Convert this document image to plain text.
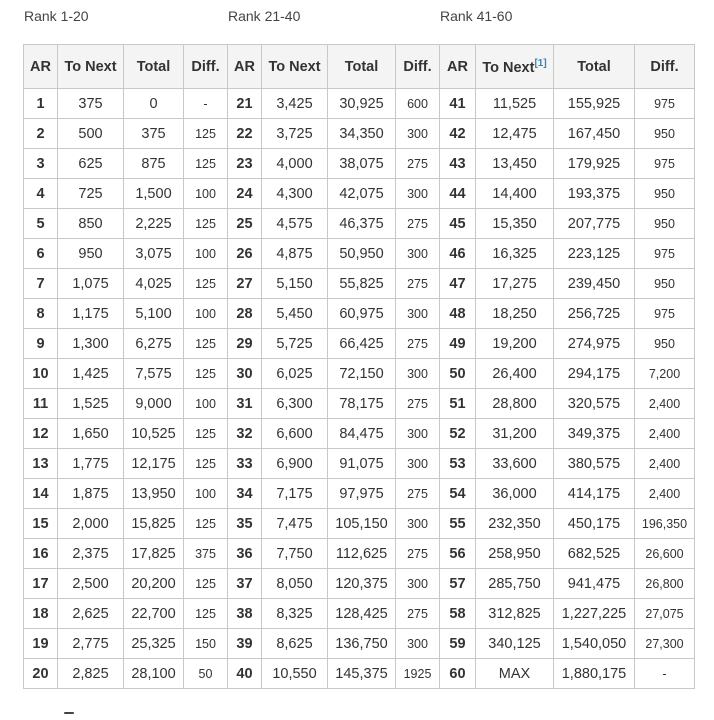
Rank 1-20	Rank 21-40	Rank 41-60
AR	To Next	Total	Diff.
1	375	0	-
2	500	375	125
3	625	875	125
4	725	1,500	100
5	850	2,225	125
6	950	3,075	100
7	1,075	4,025	125
8	1,175	5,100	100
9	1,300	6,275	125
10	1,425	7,575	125
11	1,525	9,000	100
12	1,650	10,525	125
13	1,775	12,175	125
14	1,875	13,950	100
15	2,000	15,825	125
16	2,375	17,825	375
17	2,500	20,200	125
18	2,625	22,700	125
19	2,775	25,325	150
20	2,825	28,100	50
AR	To Next	Total	Diff.
21	3,425	30,925	600
22	3,725	34,350	300
23	4,000	38,075	275
24	4,300	42,075	300
25	4,575	46,375	275
26	4,875	50,950	300
27	5,150	55,825	275
28	5,450	60,975	300
29	5,725	66,425	275
30	6,025	72,150	300
31	6,300	78,175	275
32	6,600	84,475	300
33	6,900	91,075	300
34	7,175	97,975	275
35	7,475	105,150	300
36	7,750	112,625	275
37	8,050	120,375	300
38	8,325	128,425	275
39	8,625	136,750	300
40	10,550	145,375	1925
AR	To Next[1]	Total	Diff.
41	11,525	155,925	975
42	12,475	167,450	950
43	13,450	179,925	975
44	14,400	193,375	950
45	15,350	207,775	950
46	16,325	223,125	975
47	17,275	239,450	950
48	18,250	256,725	975
49	19,200	274,975	950
50	26,400	294,175	7,200
51	28,800	320,575	2,400
52	31,200	349,375	2,400
53	33,600	380,575	2,400
54	36,000	414,175	2,400
55	232,350	450,175	196,350
56	258,950	682,525	26,600
57	285,750	941,475	26,800
58	312,825	1,227,225	27,075
59	340,125	1,540,050	27,300
60	MAX	1,880,175	-
